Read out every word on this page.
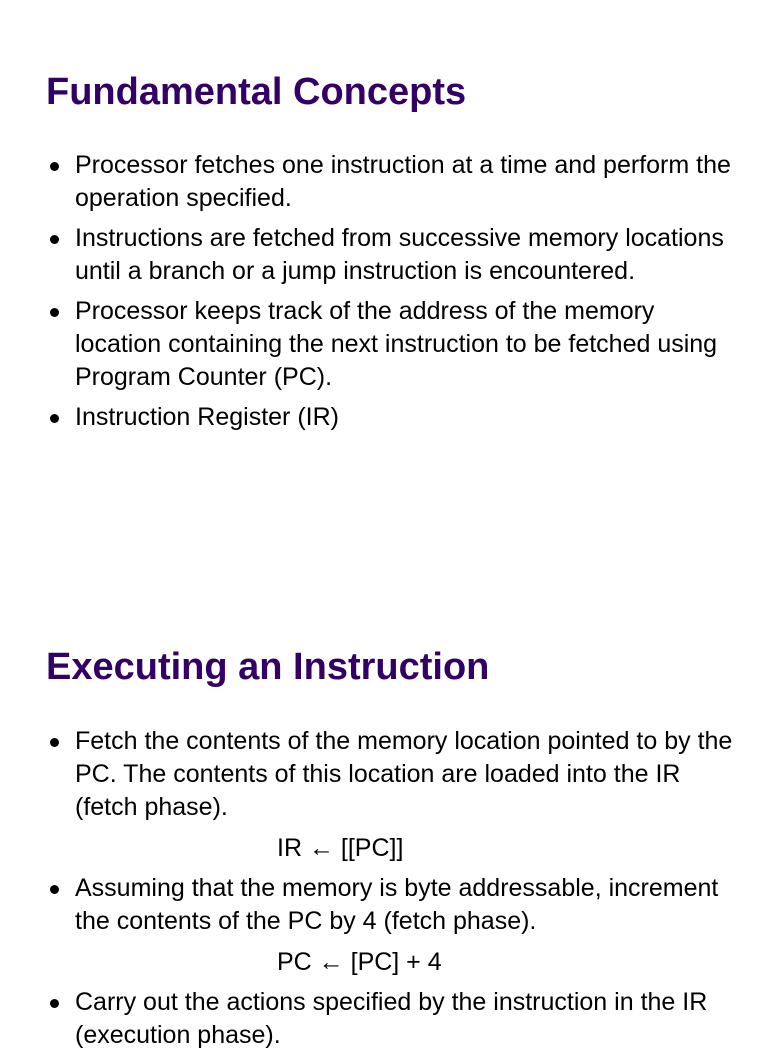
Fundamental Concepts
Processor fetches one instruction at a time and perform the operation specified.
Instructions are fetched from successive memory locations until a branch or a jump instruction is encountered.
Processor keeps track of the address of the memory location containing the next instruction to be fetched using Program Counter (PC).
Instruction Register (IR)
Executing an Instruction
Fetch the contents of the memory location pointed to by the PC. The contents of this location are loaded into the IR (fetch phase).
IR ← [[PC]]
Assuming that the memory is byte addressable, increment the contents of the PC by 4 (fetch phase).
PC ← [PC] + 4
Carry out the actions specified by the instruction in the IR (execution phase).
